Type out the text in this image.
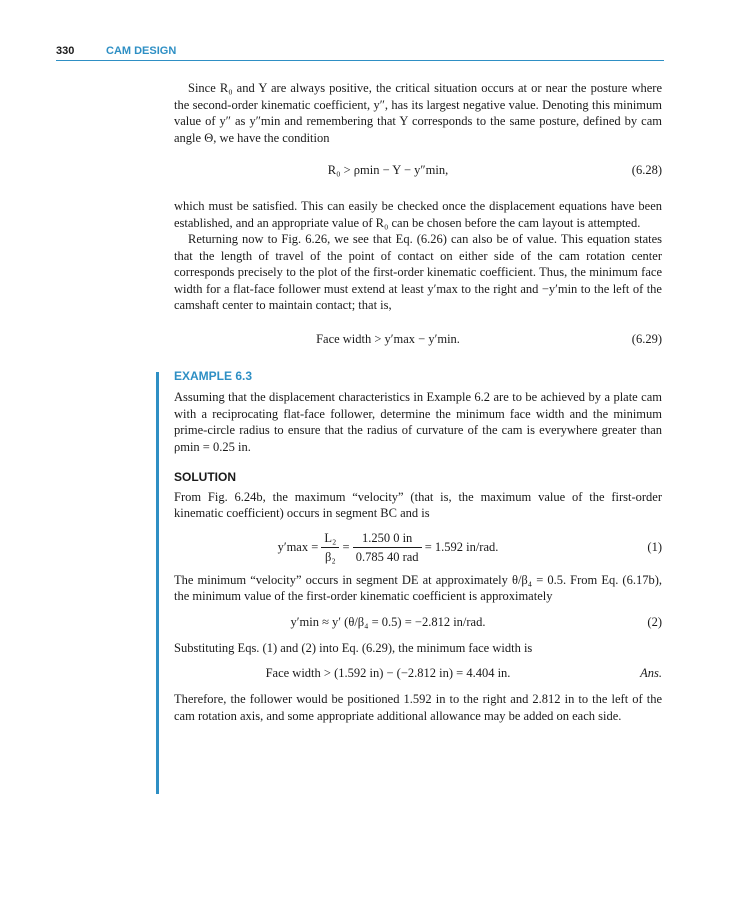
330	CAM DESIGN

Since R₀ and Y are always positive, the critical situation occurs at or near the posture where the second-order kinematic coefficient, y″, has its largest negative value. Denoting this minimum value of y″ as y″min and remembering that Y corresponds to the same posture, defined by cam angle Θ, we have the condition

R₀ > ρmin − Y − y″min,	(6.28)

which must be satisfied. This can easily be checked once the displacement equations have been established, and an appropriate value of R₀ can be chosen before the cam layout is attempted.

Returning now to Fig. 6.26, we see that Eq. (6.26) can also be of value. This equation states that the length of travel of the point of contact on either side of the cam rotation center corresponds precisely to the plot of the first-order kinematic coefficient. Thus, the minimum face width for a flat-face follower must extend at least y′max to the right and −y′min to the left of the camshaft center to maintain contact; that is,

Face width > y′max − y′min.	(6.29)

EXAMPLE 6.3

Assuming that the displacement characteristics in Example 6.2 are to be achieved by a plate cam with a reciprocating flat-face follower, determine the minimum face width and the minimum prime-circle radius to ensure that the radius of curvature of the cam is everywhere greater than ρmin = 0.25 in.

SOLUTION

From Fig. 6.24b, the maximum “velocity” (that is, the maximum value of the first-order kinematic coefficient) occurs in segment BC and is

$y'\max = \frac{\text{L₂}}{\text{β₂}} = \frac{1.250 0 in}{\text{0.785 40 rad}} = 1.592$ in/rad.	(1)

The minimum “velocity” occurs in segment DE at approximately θ/β₄ = 0.5. From Eq. (6.17b), the minimum value of the first-order kinematic coefficient is approximately

y′min ≈ y′ (θ/β₄ = 0.5) = −2.812 in/rad.	(2)

Substituting Eqs. (1) and (2) into Eq. (6.29), the minimum face width is

Face width > (1.592 in) − (−2.812 in) = 4.404 in.	Ans.

Therefore, the follower would be positioned 1.592 in to the right and 2.812 in to the left of the cam rotation axis, and some appropriate additional allowance may be added on each side.
